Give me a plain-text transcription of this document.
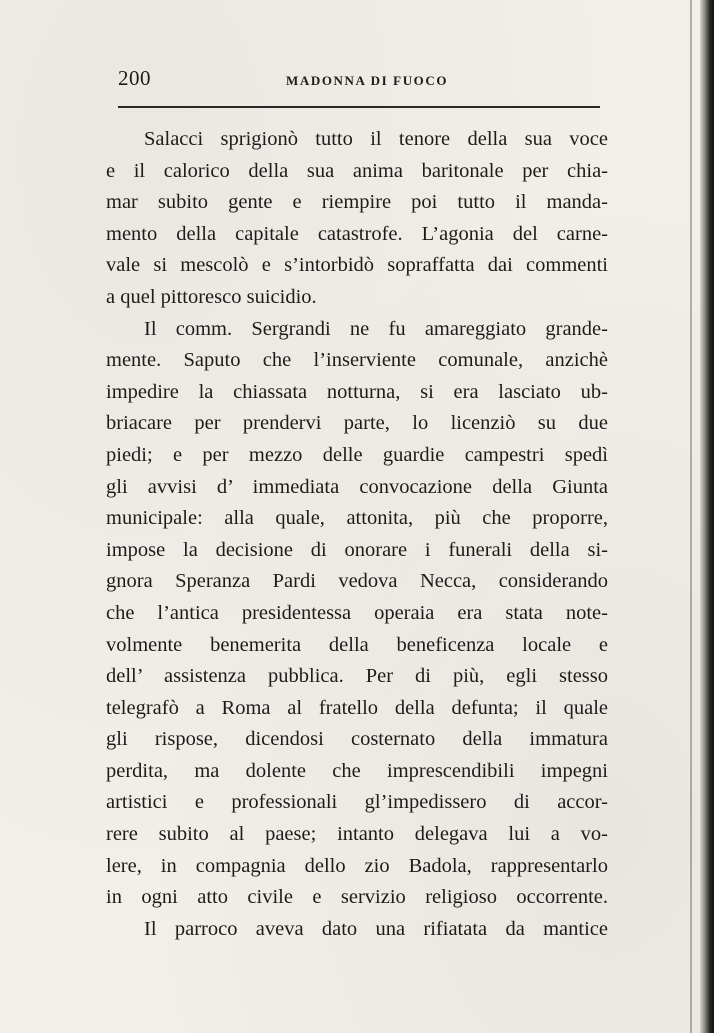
200	MADONNA DI FUOCO
Salacci sprigionò tutto il tenore della sua voce
e il calorico della sua anima baritonale per chia-
mar subito gente e riempire poi tutto il manda-
mento della capitale catastrofe. L’agonia del carne-
vale si mescolò e s’intorbidò sopraffatta dai commenti
a quel pittoresco suicidio.
Il comm. Sergrandi ne fu amareggiato grande-
mente. Saputo che l’inserviente comunale, anzichè
impedire la chiassata notturna, si era lasciato ub-
briacare per prendervi parte, lo licenziò su due
piedi; e per mezzo delle guardie campestri spedì
gli avvisi d’ immediata convocazione della Giunta
municipale: alla quale, attonita, più che proporre,
impose la decisione di onorare i funerali della si-
gnora Speranza Pardi vedova Necca, considerando
che l’antica presidentessa operaia era stata note-
volmente benemerita della beneficenza locale e
dell’ assistenza pubblica. Per di più, egli stesso
telegrafò a Roma al fratello della defunta; il quale
gli rispose, dicendosi costernato della immatura
perdita, ma dolente che imprescendibili impegni
artistici e professionali gl’impedissero di accor-
rere subito al paese; intanto delegava lui a vo-
lere, in compagnia dello zio Badola, rappresentarlo
in ogni atto civile e servizio religioso occorrente.
Il parroco aveva dato una rifiatata da mantice
